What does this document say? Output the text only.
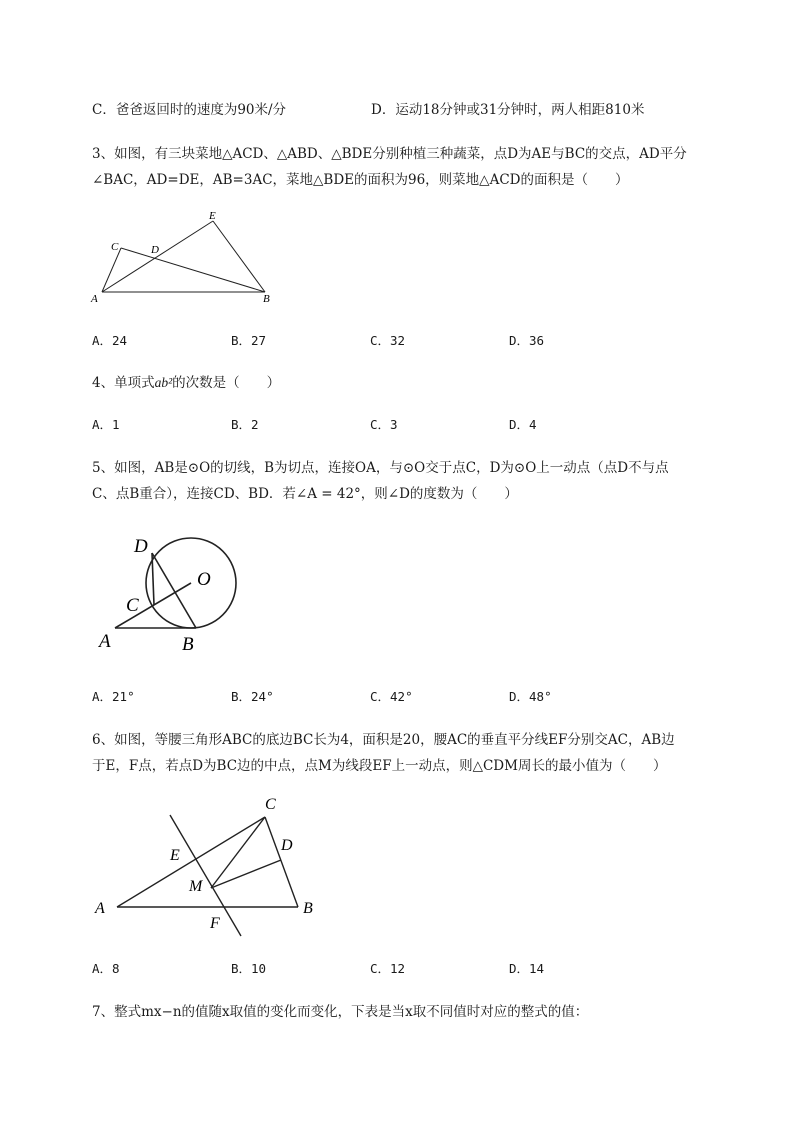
C．爸爸返回时的速度为90米/分	D．运动18分钟或31分钟时，两人相距810米
3、如图，有三块菜地△ACD、△ABD、△BDE分别种植三种蔬菜，点D为AE与BC的交点，AD平分
∠BAC，AD=DE，AB=3AC，菜地△BDE的面积为96，则菜地△ACD的面积是（　　）
A	B
C	D
E
A．24	B．27	C．32	D．36
4、单项式ab²的次数是（　　）
A．1	B．2	C．3	D．4
5、如图，AB是⊙O的切线，B为切点，连接OA，与⊙O交于点C，D为⊙O上一动点（点D不与点
C、点B重合），连接CD、BD．若∠A = 42°，则∠D的度数为（　　）
A	B
C
D
O
A．21°	B．24°	C．42°	D．48°
6、如图，等腰三角形ABC的底边BC长为4，面积是20，腰AC的垂直平分线EF分别交AC，AB边
于E，F点，若点D为BC边的中点，点M为线段EF上一动点，则△CDM周长的最小值为（　　）
A	B
C
D
E
F
M
A．8	B．10	C．12	D．14
7、整式mx−n的值随x取值的变化而变化，下表是当x取不同值时对应的整式的值：
